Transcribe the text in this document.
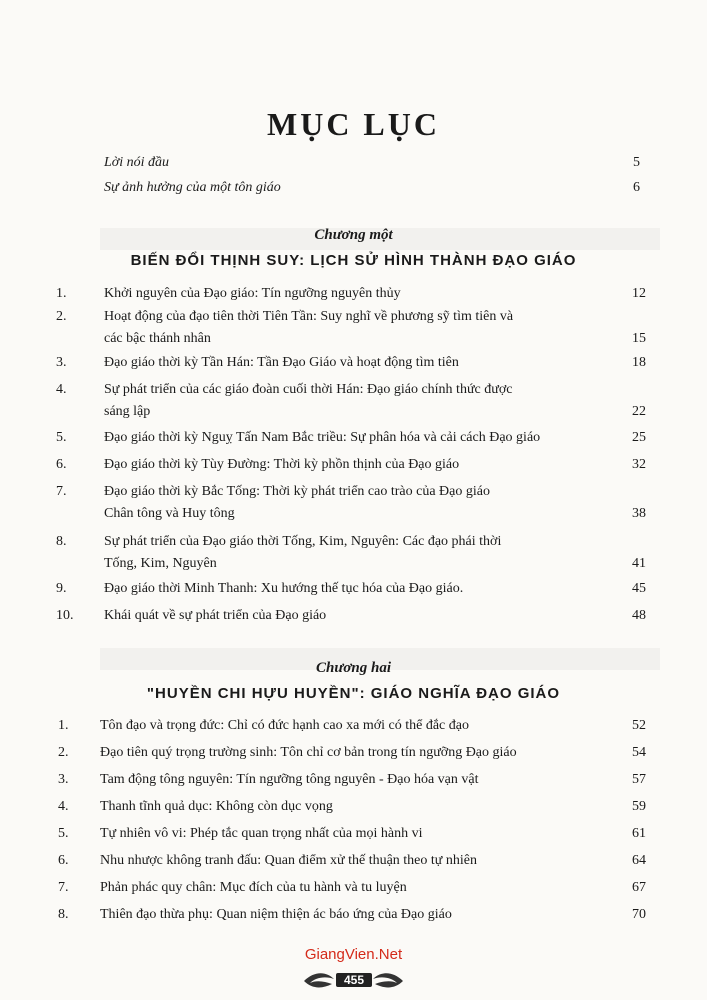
MỤC LỤC
Lời nói đầu	5
Sự ảnh hưởng của một tôn giáo	6
Chương một
BIẾN ĐỔI THỊNH SUY: LỊCH SỬ HÌNH THÀNH ĐẠO GIÁO
1.	Khởi nguyên của Đạo giáo: Tín ngưỡng nguyên thủy	12
2.	Hoạt động của đạo tiên thời Tiên Tần: Suy nghĩ về phương sỹ tìm tiên và
các bậc thánh nhân	15
3.	Đạo giáo thời kỳ Tần Hán: Tần Đạo Giáo và hoạt động tìm tiên	18
4.	Sự phát triển của các giáo đoàn cuối thời Hán: Đạo giáo chính thức được
sáng lập	22
5.	Đạo giáo thời kỳ Nguỵ Tấn Nam Bắc triều: Sự phân hóa và cải cách Đạo giáo	25
6.	Đạo giáo thời kỳ Tùy Đường: Thời kỳ phồn thịnh của Đạo giáo	32
7.	Đạo giáo thời kỳ Bắc Tống: Thời kỳ phát triển cao trào của Đạo giáo
Chân tông và Huy tông	38
8.	Sự phát triển của Đạo giáo thời Tống, Kim, Nguyên: Các đạo phái thời
Tống, Kim, Nguyên	41
9.	Đạo giáo thời Minh Thanh: Xu hướng thế tục hóa của Đạo giáo.	45
10. Khái quát về sự phát triển của Đạo giáo	48
Chương hai
"HUYỀN CHI HỰU HUYỀN": GIÁO NGHĨA ĐẠO GIÁO
1. Tôn đạo và trọng đức: Chỉ có đức hạnh cao xa mới có thể đắc đạo	52
2. Đạo tiên quý trọng trường sinh: Tôn chỉ cơ bản trong tín ngưỡng Đạo giáo	54
3. Tam động tông nguyên: Tín ngưỡng tông nguyên - Đạo hóa vạn vật	57
4. Thanh tĩnh quả dục: Không còn dục vọng	59
5. Tự nhiên vô vi: Phép tắc quan trọng nhất của mọi hành vi	61
6. Nhu nhược không tranh đấu: Quan điểm xử thế thuận theo tự nhiên	64
7. Phản phác quy chân: Mục đích của tu hành và tu luyện	67
8. Thiên đạo thừa phụ: Quan niệm thiện ác báo ứng của Đạo giáo	70
GiangVien.Net
455
